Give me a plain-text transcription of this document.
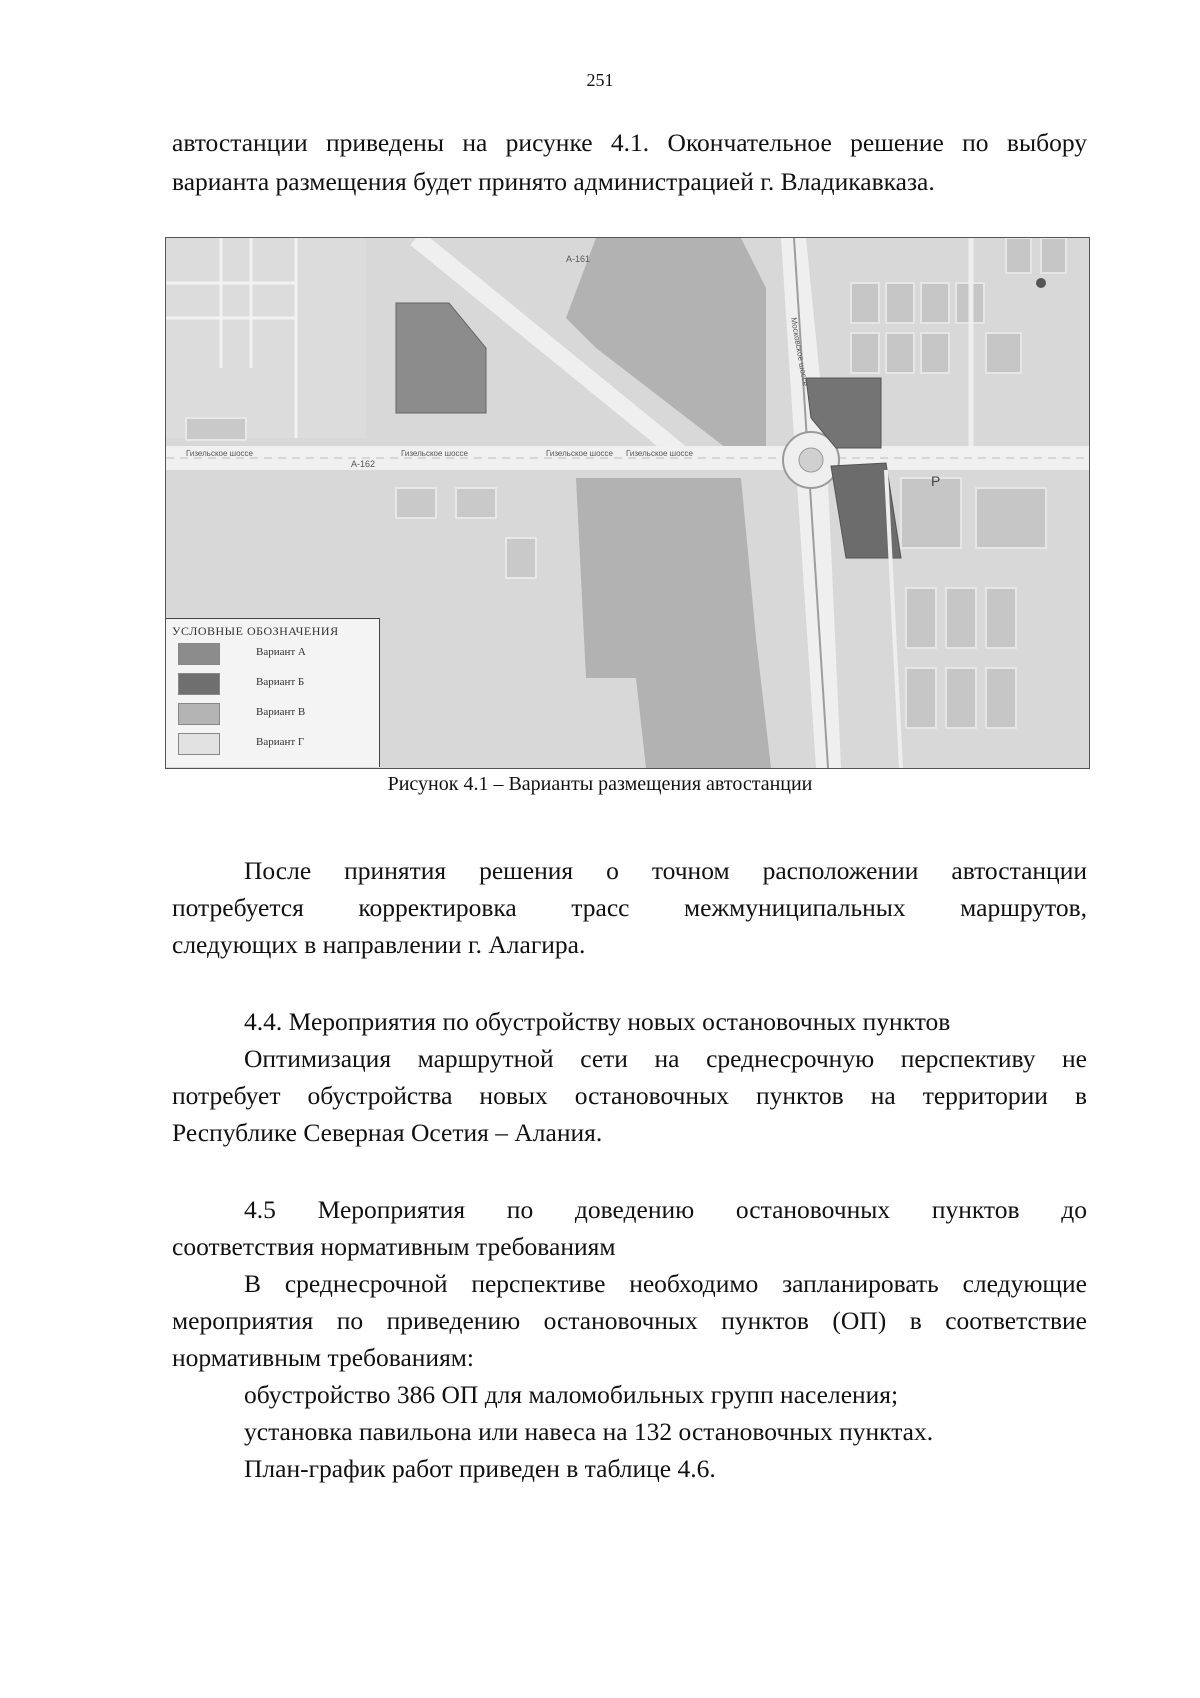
251

автостанции приведены на рисунке 4.1. Окончательное решение по выбору

варианта размещения будет принято администрацией г. Владикавказа.

А-161
А-162
Гизельское шоссе	Гизельское шоссе	Гизельское шоссе Гизельское шоссе
Московское шоссе
P
УСЛОВНЫЕ ОБОЗНАЧЕНИЯ
Вариант А
Вариант Б
Вариант В
Вариант Г
Рисунок 4.1 – Варианты размещения автостанции

После принятия решения о точном расположении автостанции

потребуется корректировка трасс межмуниципальных маршрутов,

следующих в направлении г. Алагира.

4.4. Мероприятия по обустройству новых остановочных пунктов

Оптимизация маршрутной сети на среднесрочную перспективу не

потребует обустройства новых остановочных пунктов на территории в

Республике Северная Осетия – Алания.

4.5 Мероприятия по доведению остановочных пунктов до

соответствия нормативным требованиям

В среднесрочной перспективе необходимо запланировать следующие

мероприятия по приведению остановочных пунктов (ОП) в соответствие

нормативным требованиям:

обустройство 386 ОП для маломобильных групп населения;

установка павильона или навеса на 132 остановочных пунктах.

План-график работ приведен в таблице 4.6.
